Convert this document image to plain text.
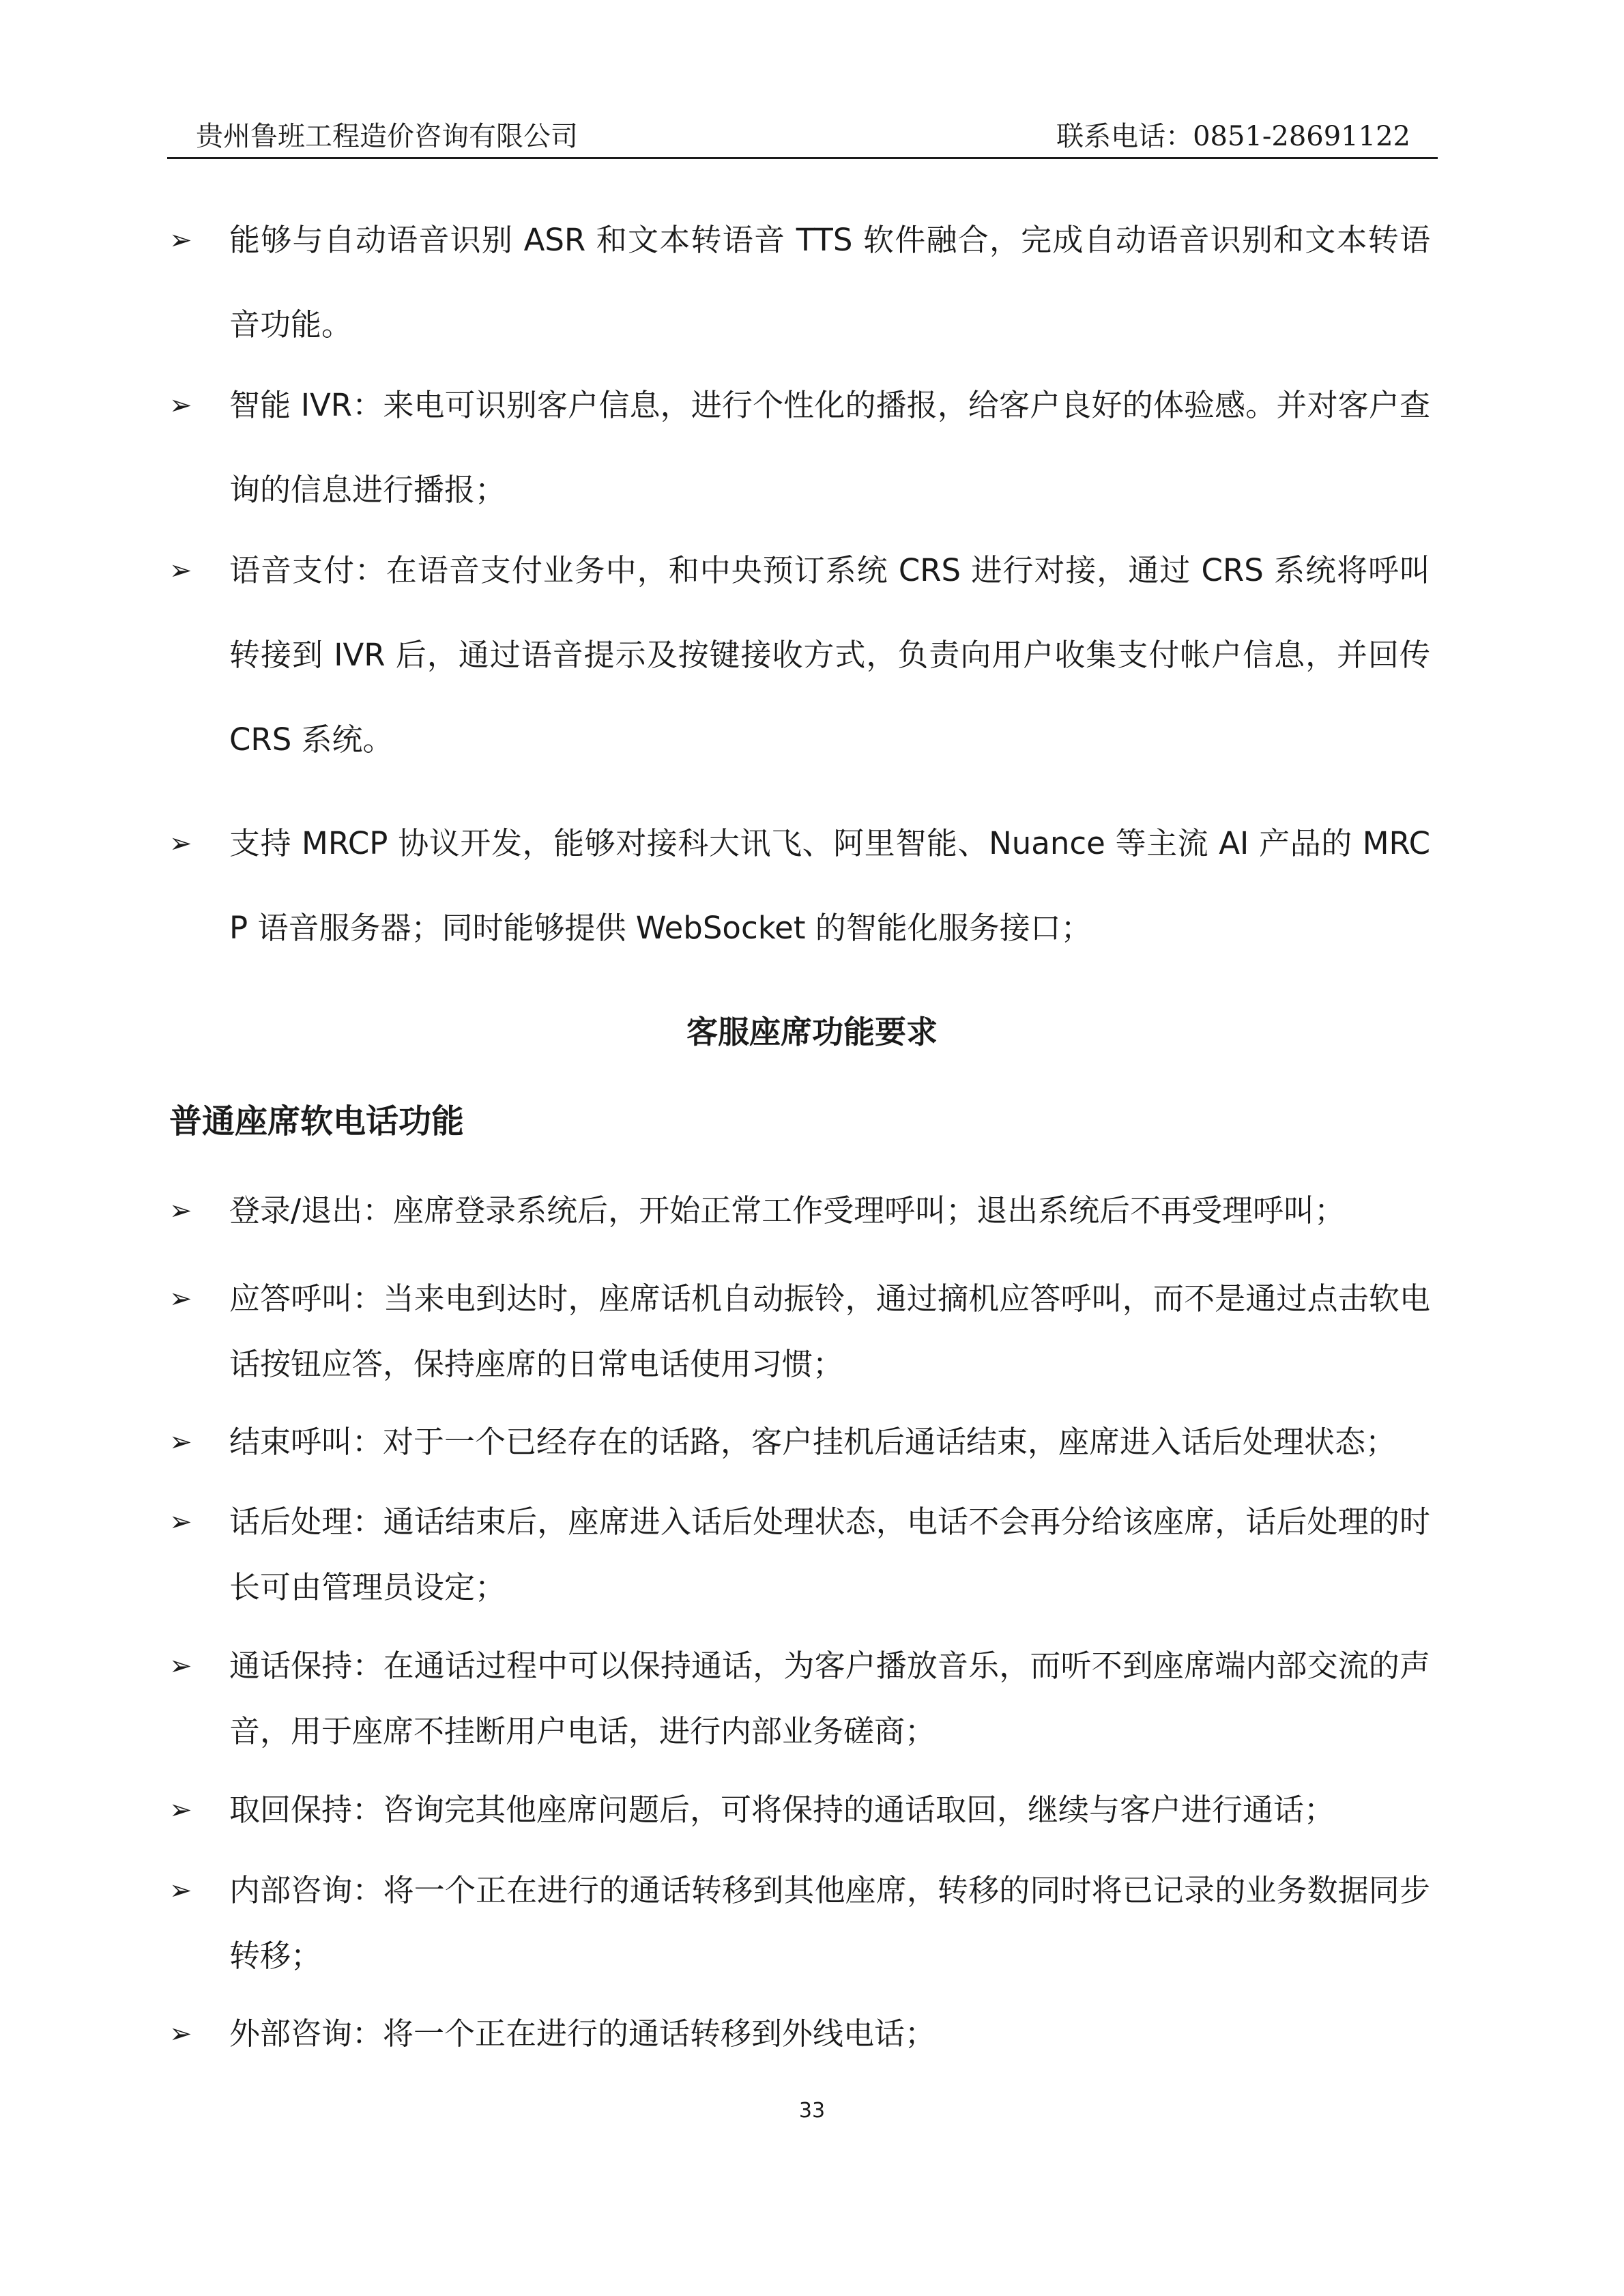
贵州鲁班工程造价咨询有限公司	联系电话：0851-28691122
➢	能够与自动语音识别 ASR 和文本转语音 TTS 软件融合，完成自动语音识别和文本转语音功能。
➢	智能 IVR：来电可识别客户信息，进行个性化的播报，给客户良好的体验感。并对客户查询的信息进行播报；
➢	语音支付：在语音支付业务中，和中央预订系统 CRS 进行对接，通过 CRS 系统将呼叫转接到 IVR 后，通过语音提示及按键接收方式，负责向用户收集支付帐户信息，并回传 CRS 系统。
➢	支持 MRCP 协议开发，能够对接科大讯飞、阿里智能、Nuance 等主流 AI 产品的 MRCP 语音服务器；同时能够提供 WebSocket 的智能化服务接口；
客服座席功能要求
普通座席软电话功能
➢	登录/退出：座席登录系统后，开始正常工作受理呼叫；退出系统后不再受理呼叫；
➢	应答呼叫：当来电到达时，座席话机自动振铃，通过摘机应答呼叫，而不是通过点击软电话按钮应答，保持座席的日常电话使用习惯；
➢	结束呼叫：对于一个已经存在的话路，客户挂机后通话结束，座席进入话后处理状态；
➢	话后处理：通话结束后，座席进入话后处理状态，电话不会再分给该座席，话后处理的时长可由管理员设定；
➢	通话保持：在通话过程中可以保持通话，为客户播放音乐，而听不到座席端内部交流的声音，用于座席不挂断用户电话，进行内部业务磋商；
➢	取回保持：咨询完其他座席问题后，可将保持的通话取回，继续与客户进行通话；
➢	内部咨询：将一个正在进行的通话转移到其他座席，转移的同时将已记录的业务数据同步转移；
➢	外部咨询：将一个正在进行的通话转移到外线电话；
33
